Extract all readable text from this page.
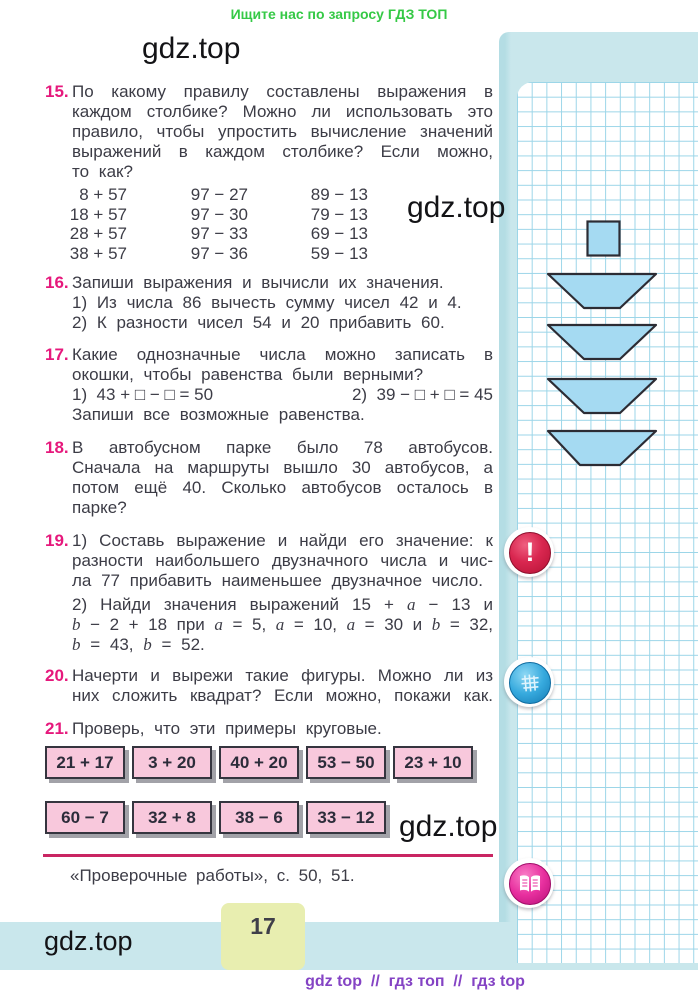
!
Ищите нас по запросу ГДЗ ТОП
gdz.top
gdz.top
gdz.top
gdz.top
15. По какому правилу составлены выражения в
каждом столбике? Можно ли использовать это
правило, чтобы упростить вычисление значений
выражений в каждом столбике? Если можно,
то как?
8 + 57	97 − 27	89 − 13
18 + 57	97 − 30	79 − 13
28 + 57	97 − 33	69 − 13
38 + 57	97 − 36	59 − 13
16. Запиши выражения и вычисли их значения.
1) Из числа 86 вычесть сумму чисел 42 и 4.
2) К разности чисел 54 и 20 прибавить 60.
17. Какие однозначные числа можно записать в
окошки, чтобы равенства были верными?
1)  43 + □ − □ = 50	2)  39 − □ + □ = 45
Запиши все возможные равенства.
18. В автобусном парке было 78 автобусов.
Сначала на маршруты вышло 30 автобусов, а
потом ещё 40. Сколько автобусов осталось в
парке?
19. 1) Составь выражение и найди его значение: к
разности наибольшего двузначного числа и чис-
ла 77 прибавить наименьшее двузначное число.
2) Найди значения выражений 15 + a − 13 и
b − 2 + 18 при a = 5, a = 10, a = 30 и b = 32,
b = 43, b = 52.
20. Начерти и вырежи такие фигуры. Можно ли из
них сложить квадрат? Если можно, покажи как.
21. Проверь, что эти примеры круговые.
21 + 17	3 + 20	40 + 20	53 − 50	23 + 10
60 − 7	32 + 8	38 − 6	33 − 12
«Проверочные работы», с. 50, 51.
17
gdz top  //  гдз топ  //  гдз top
